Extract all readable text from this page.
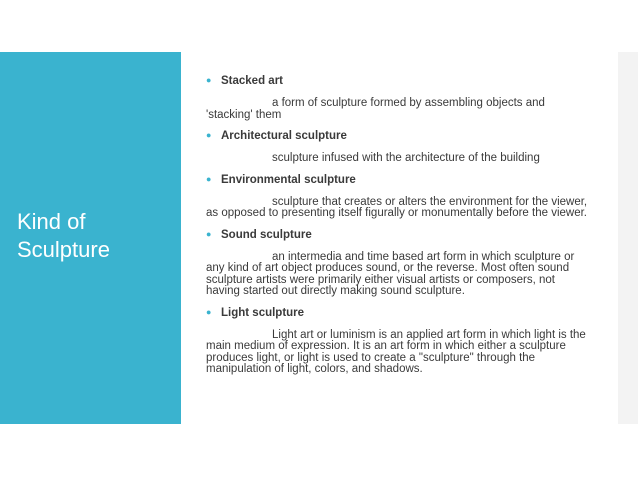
Kind of
Sculpture
● Stacked art
a form of sculpture formed by assembling objects and 'stacking' them
● Architectural sculpture
sculpture infused with the architecture of the building
● Environmental sculpture
sculpture that creates or alters the environment for the viewer, as opposed to presenting itself figurally or monumentally before the viewer.
● Sound sculpture
an intermedia and time based art form in which sculpture or any kind of art object produces sound, or the reverse. Most often sound sculpture artists were primarily either visual artists or composers, not having started out directly making sound sculpture.
● Light sculpture
Light art or luminism is an applied art form in which light is the main medium of expression. It is an art form in which either a sculpture produces light, or light is used to create a "sculpture" through the manipulation of light, colors, and shadows.
